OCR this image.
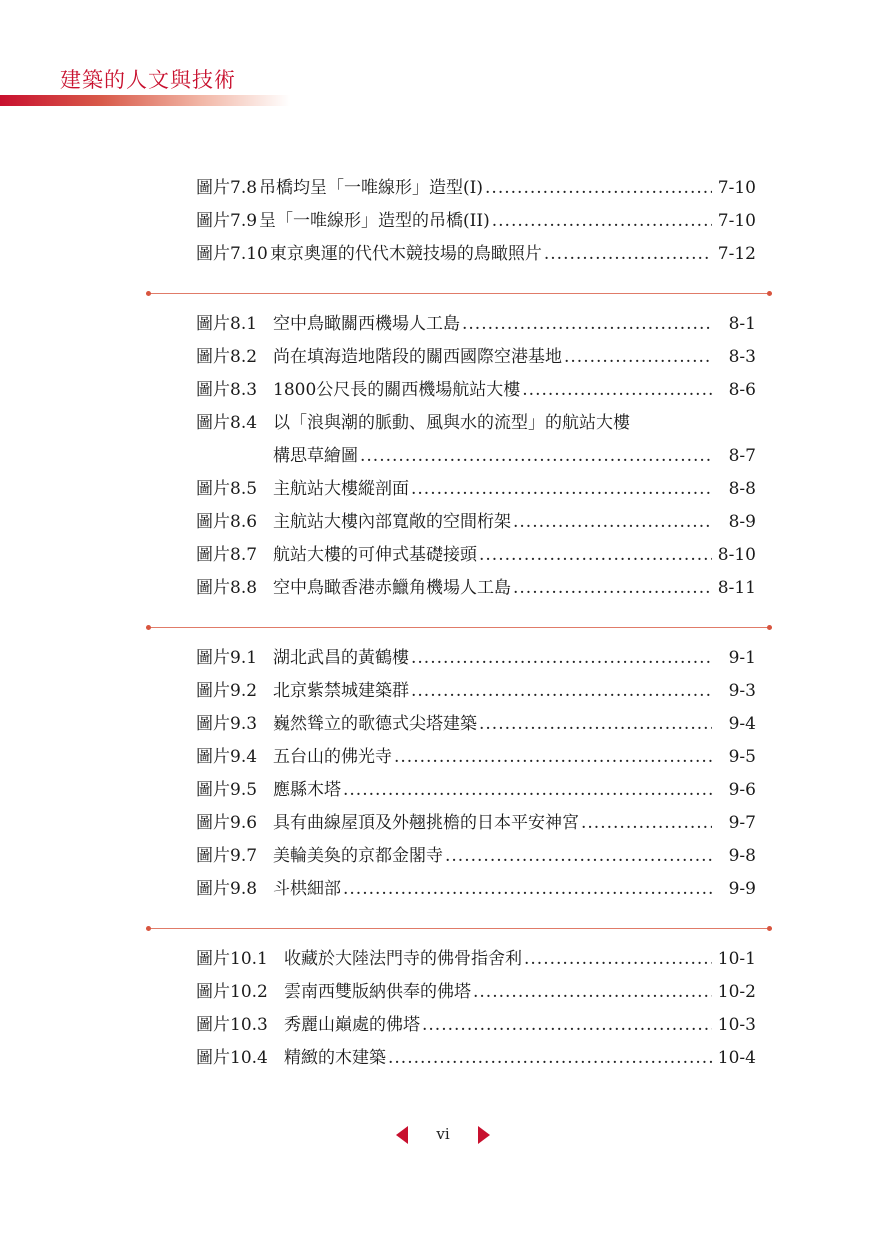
建築的人文與技術
圖片7.8 吊橋均呈「一唯線形」造型(I) .....	7-10
圖片7.9 呈「一唯線形」造型的吊橋(II) .....	7-10
圖片7.10 東京奧運的代代木競技場的鳥瞰照片 .....	7-12
圖片8.1 空中鳥瞰關西機場人工島 .....	8-1
圖片8.2 尚在填海造地階段的關西國際空港基地 .....	8-3
圖片8.3 1800公尺長的關西機場航站大樓 .....	8-6
圖片8.4 以「浪與潮的脈動、風與水的流型」的航站大樓
構思草繪圖 .....	8-7
圖片8.5 主航站大樓縱剖面 .....	8-8
圖片8.6 主航站大樓內部寬敞的空間桁架 .....	8-9
圖片8.7 航站大樓的可伸式基礎接頭 .....	8-10
圖片8.8 空中鳥瞰香港赤鱲角機場人工島 .....	8-11
圖片9.1 湖北武昌的黃鶴樓 .....	9-1
圖片9.2 北京紫禁城建築群 .....	9-3
圖片9.3 巍然聳立的歌德式尖塔建築 .....	9-4
圖片9.4 五台山的佛光寺 .....	9-5
圖片9.5 應縣木塔 .....	9-6
圖片9.6 具有曲線屋頂及外翹挑檐的日本平安神宮 .....	9-7
圖片9.7 美輪美奐的京都金閣寺 .....	9-8
圖片9.8 斗栱細部 .....	9-9
圖片10.1 收藏於大陸法門寺的佛骨指舍利 .....	10-1
圖片10.2 雲南西雙版納供奉的佛塔 .....	10-2
圖片10.3 秀麗山巔處的佛塔 .....	10-3
圖片10.4 精緻的木建築 .....	10-4
vi
